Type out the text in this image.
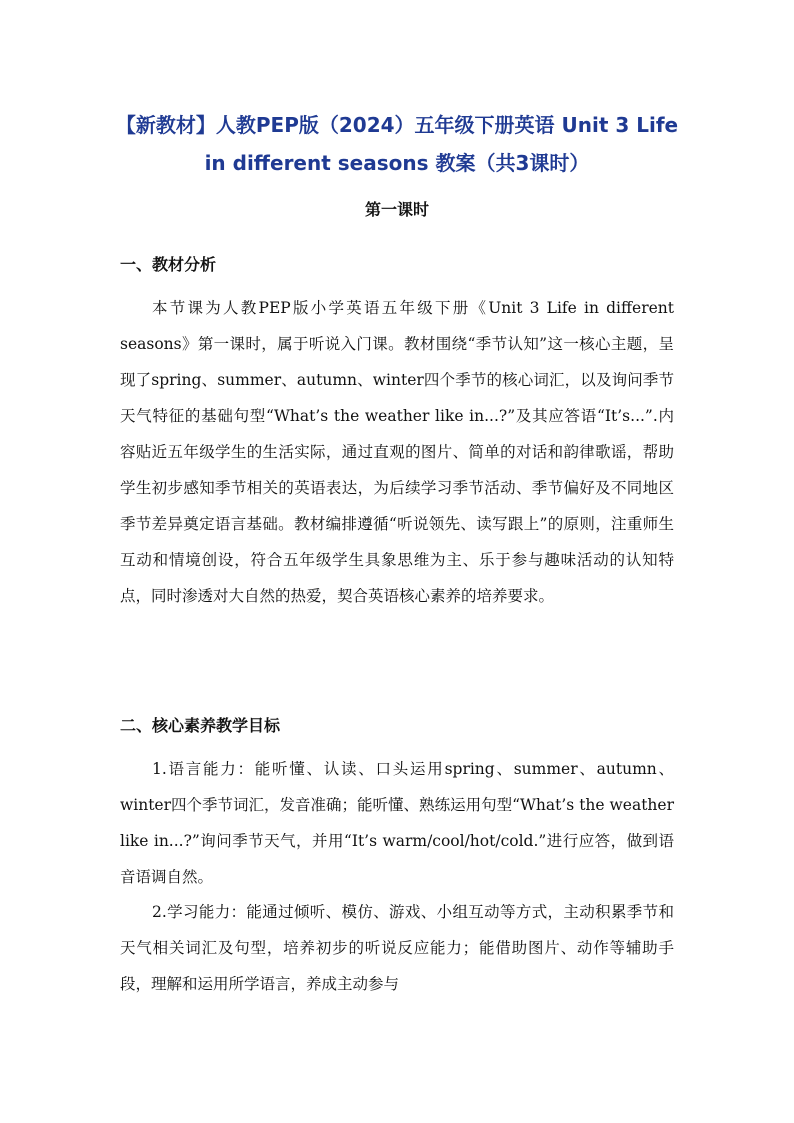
【新教材】人教PEP版（2024）五年级下册英语 Unit 3 Life in different seasons 教案（共3课时）
第一课时
一、教材分析

本节课为人教PEP版小学英语五年级下册《Unit 3 Life in different seasons》第一课时，属于听说入门课。教材围绕“季节认知”这一核心主题，呈现了spring、summer、autumn、winter四个季节的核心词汇，以及询问季节天气特征的基础句型“What’s the weather like in...?”及其应答语“It’s...”.内容贴近五年级学生的生活实际，通过直观的图片、简单的对话和韵律歌谣，帮助学生初步感知季节相关的英语表达，为后续学习季节活动、季节偏好及不同地区季节差异奠定语言基础。教材编排遵循“听说领先、读写跟上”的原则，注重师生互动和情境创设，符合五年级学生具象思维为主、乐于参与趣味活动的认知特点，同时渗透对大自然的热爱，契合英语核心素养的培养要求。

二、核心素养教学目标

1.语言能力：能听懂、认读、口头运用spring、summer、autumn、winter四个季节词汇，发音准确；能听懂、熟练运用句型“What’s the weather like in...?”询问季节天气，并用“It’s warm/cool/hot/cold.”进行应答，做到语音语调自然。

2.学习能力：能通过倾听、模仿、游戏、小组互动等方式，主动积累季节和天气相关词汇及句型，培养初步的听说反应能力；能借助图片、动作等辅助手段，理解和运用所学语言，养成主动参与
